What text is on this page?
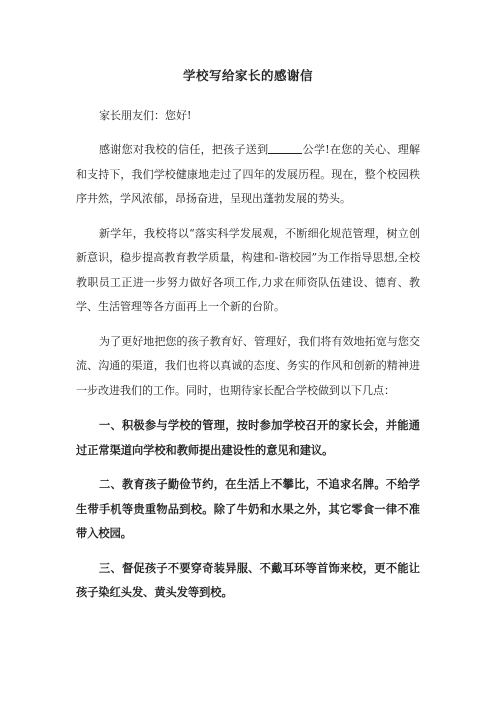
学校写给家长的感谢信

家长朋友们：您好!

感谢您对我校的信任，把孩子送到	公学!在您的关心、理解和支持下，我们学校健康地走过了四年的发展历程。现在，整个校园秩序井然，学风浓郁，昂扬奋进，呈现出蓬勃发展的势头。

新学年，我校将以“落实科学发展观，不断细化规范管理，树立创新意识，稳步提高教育教学质量，构建和-谐校园”为工作指导思想,全校教职员工正进一步努力做好各项工作,力求在师资队伍建设、德育、教学、生活管理等各方面再上一个新的台阶。

为了更好地把您的孩子教育好、管理好，我们将有效地拓宽与您交流、沟通的渠道，我们也将以真诚的态度、务实的作风和创新的精神进一步改进我们的工作。同时，也期待家长配合学校做到以下几点：

一、积极参与学校的管理，按时参加学校召开的家长会，并能通过正常渠道向学校和教师提出建设性的意见和建议。

二、教育孩子勤俭节约，在生活上不攀比，不追求名牌。不给学生带手机等贵重物品到校。除了牛奶和水果之外，其它零食一律不准带入校园。

三、督促孩子不要穿奇装异服、不戴耳环等首饰来校，更不能让孩子染红头发、黄头发等到校。
